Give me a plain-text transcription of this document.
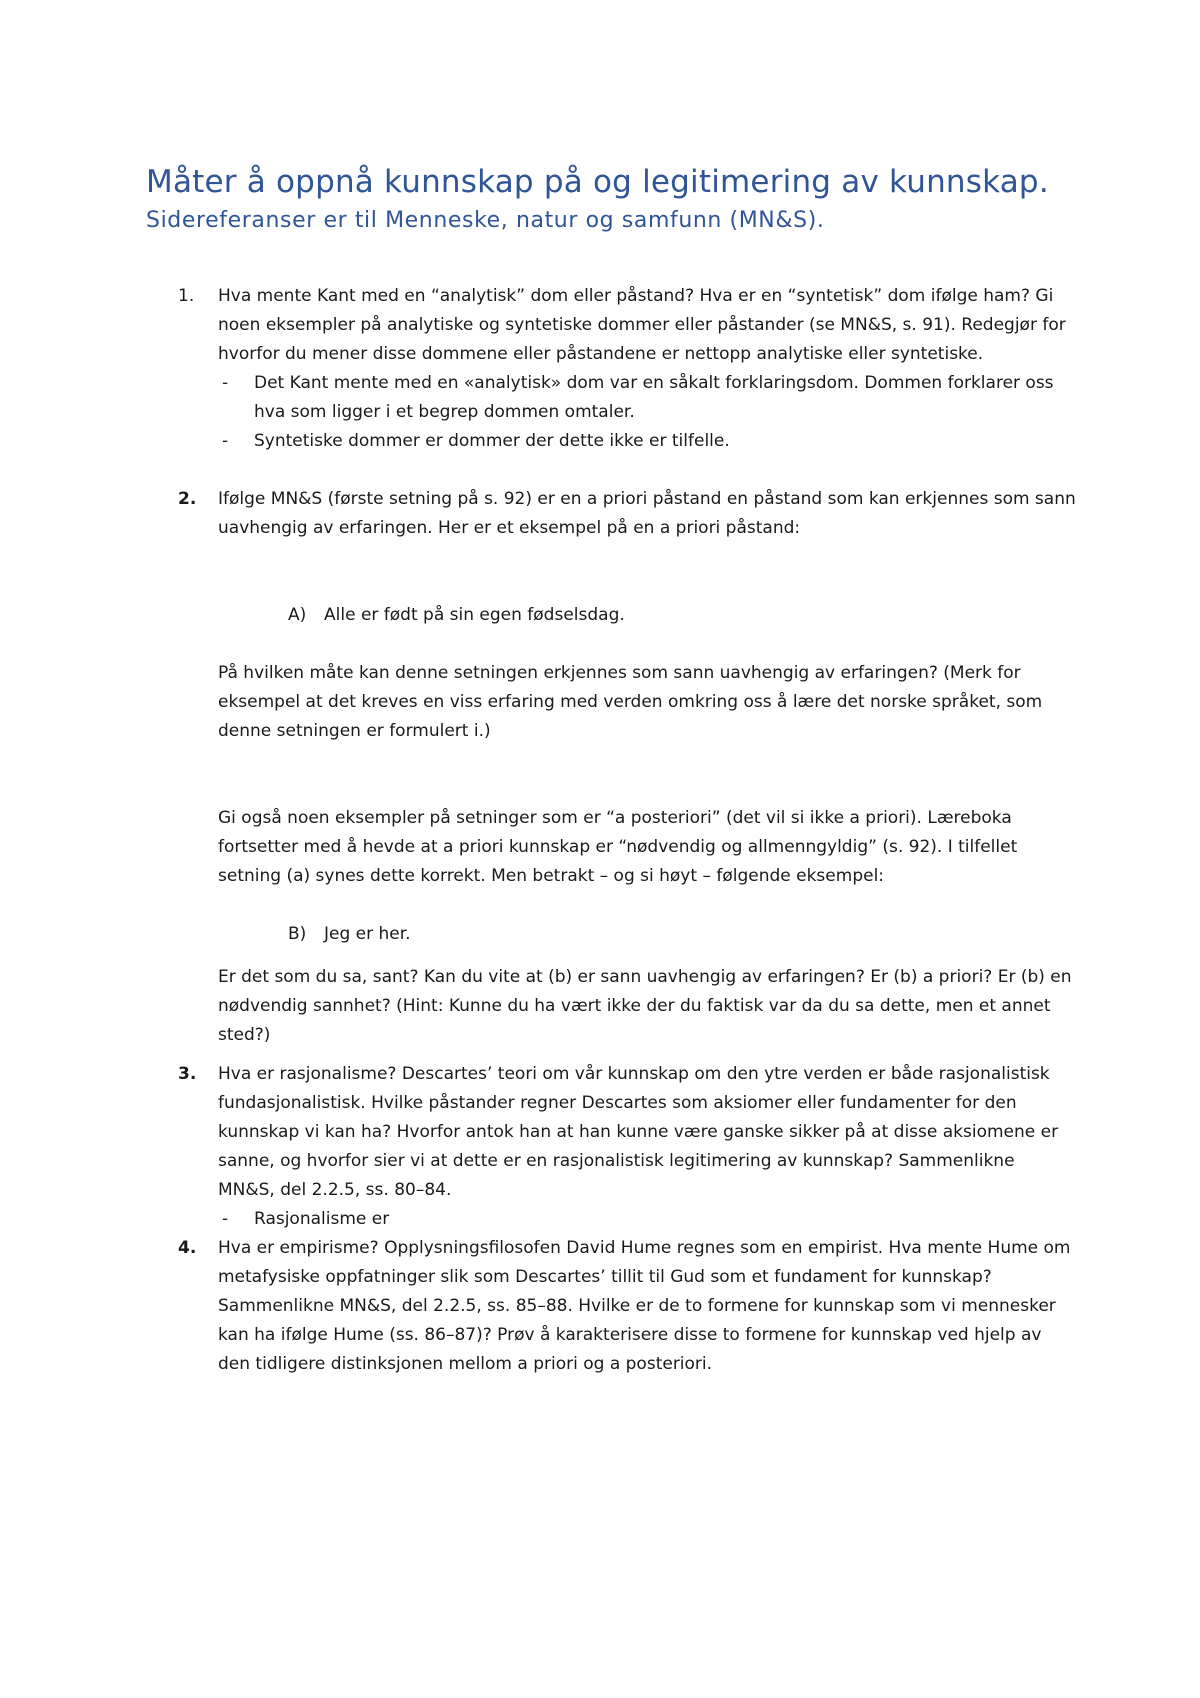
Måter å oppnå kunnskap på og legitimering av kunnskap.
Sidereferanser er til Menneske, natur og samfunn (MN&S).
1. Hva mente Kant med en “analytisk” dom eller påstand? Hva er en “syntetisk” dom ifølge ham? Gi noen eksempler på analytiske og syntetiske dommer eller påstander (se MN&S, s. 91). Redegjør for hvorfor du mener disse dommene eller påstandene er nettopp analytiske eller syntetiske.
- Det Kant mente med en «analytisk» dom var en såkalt forklaringsdom. Dommen forklarer oss hva som ligger i et begrep dommen omtaler.
- Syntetiske dommer er dommer der dette ikke er tilfelle.
2. Ifølge MN&S (første setning på s. 92) er en a priori påstand en påstand som kan erkjennes som sann uavhengig av erfaringen. Her er et eksempel på en a priori påstand:
A) Alle er født på sin egen fødselsdag.
På hvilken måte kan denne setningen erkjennes som sann uavhengig av erfaringen? (Merk for eksempel at det kreves en viss erfaring med verden omkring oss å lære det norske språket, som denne setningen er formulert i.)
Gi også noen eksempler på setninger som er “a posteriori” (det vil si ikke a priori). Læreboka fortsetter med å hevde at a priori kunnskap er “nødvendig og allmenngyldig” (s. 92). I tilfellet setning (a) synes dette korrekt. Men betrakt – og si høyt – følgende eksempel:
B) Jeg er her.
Er det som du sa, sant? Kan du vite at (b) er sann uavhengig av erfaringen? Er (b) a priori? Er (b) en nødvendig sannhet? (Hint: Kunne du ha vært ikke der du faktisk var da du sa dette, men et annet sted?)
3. Hva er rasjonalisme? Descartes’ teori om vår kunnskap om den ytre verden er både rasjonalistisk fundasjonalistisk. Hvilke påstander regner Descartes som aksiomer eller fundamenter for den kunnskap vi kan ha? Hvorfor antok han at han kunne være ganske sikker på at disse aksiomene er sanne, og hvorfor sier vi at dette er en rasjonalistisk legitimering av kunnskap? Sammenlikne MN&S, del 2.2.5, ss. 80–84.
- Rasjonalisme er
4. Hva er empirisme? Opplysningsfilosofen David Hume regnes som en empirist. Hva mente Hume om metafysiske oppfatninger slik som Descartes’ tillit til Gud som et fundament for kunnskap? Sammenlikne MN&S, del 2.2.5, ss. 85–88. Hvilke er de to formene for kunnskap som vi mennesker kan ha ifølge Hume (ss. 86–87)? Prøv å karakterisere disse to formene for kunnskap ved hjelp av den tidligere distinksjonen mellom a priori og a posteriori.
